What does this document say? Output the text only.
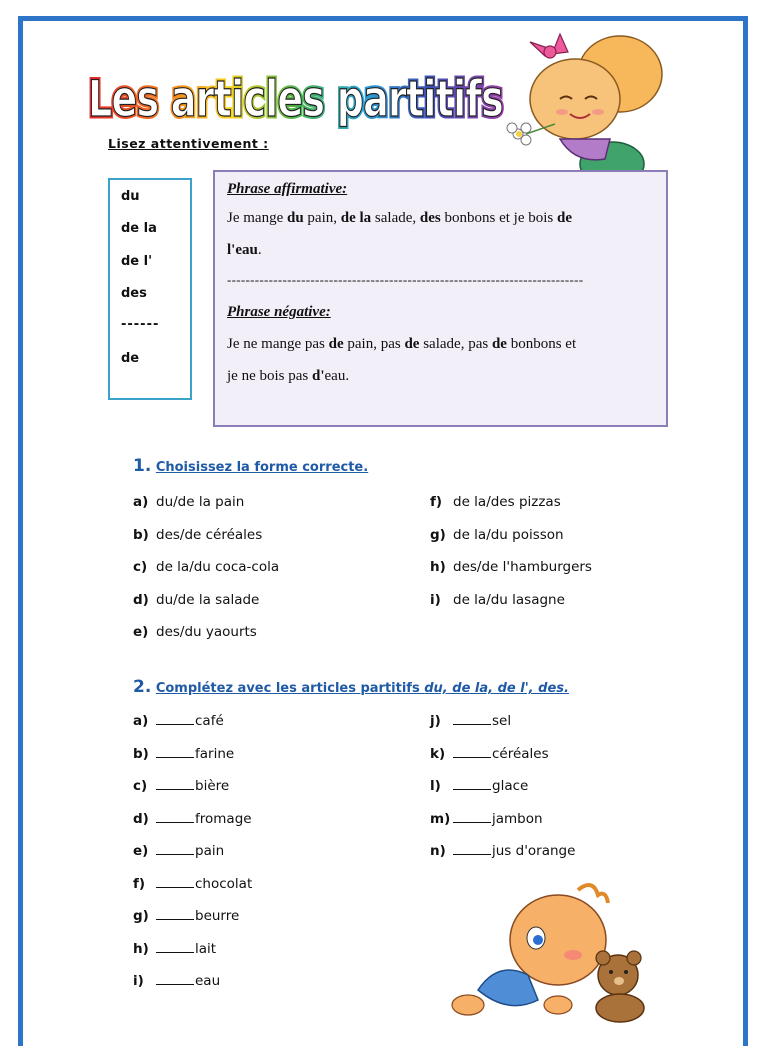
Les articles partitifs
Les articles partitifs
Lisez attentivement :
du
de la
de l'
des
------
de
Phrase affirmative:
Je mange du pain, de la salade, des bonbons et je bois de
l'eau.
-----------------------------------------------------------------------------
Phrase négative:
Je ne mange pas de pain, pas de salade, pas de bonbons et
je ne bois pas d'eau.
1. Choisissez la forme correcte.
a) du/de la pain
b) des/de céréales
c) de la/du coca-cola
d) du/de la salade
e) des/du yaourts
f) de la/des pizzas
g) de la/du poisson
h) des/de l'hamburgers
i) de la/du lasagne
2. Complétez avec les articles partitifs du, de la, de l', des.
a)	café
b)	farine
c)	bière
d)	fromage
e)	pain
f)	chocolat
g)	beurre
h)	lait
i)	eau
j)	sel
k)	céréales
l)	glace
m)	jambon
n)	jus d'orange
